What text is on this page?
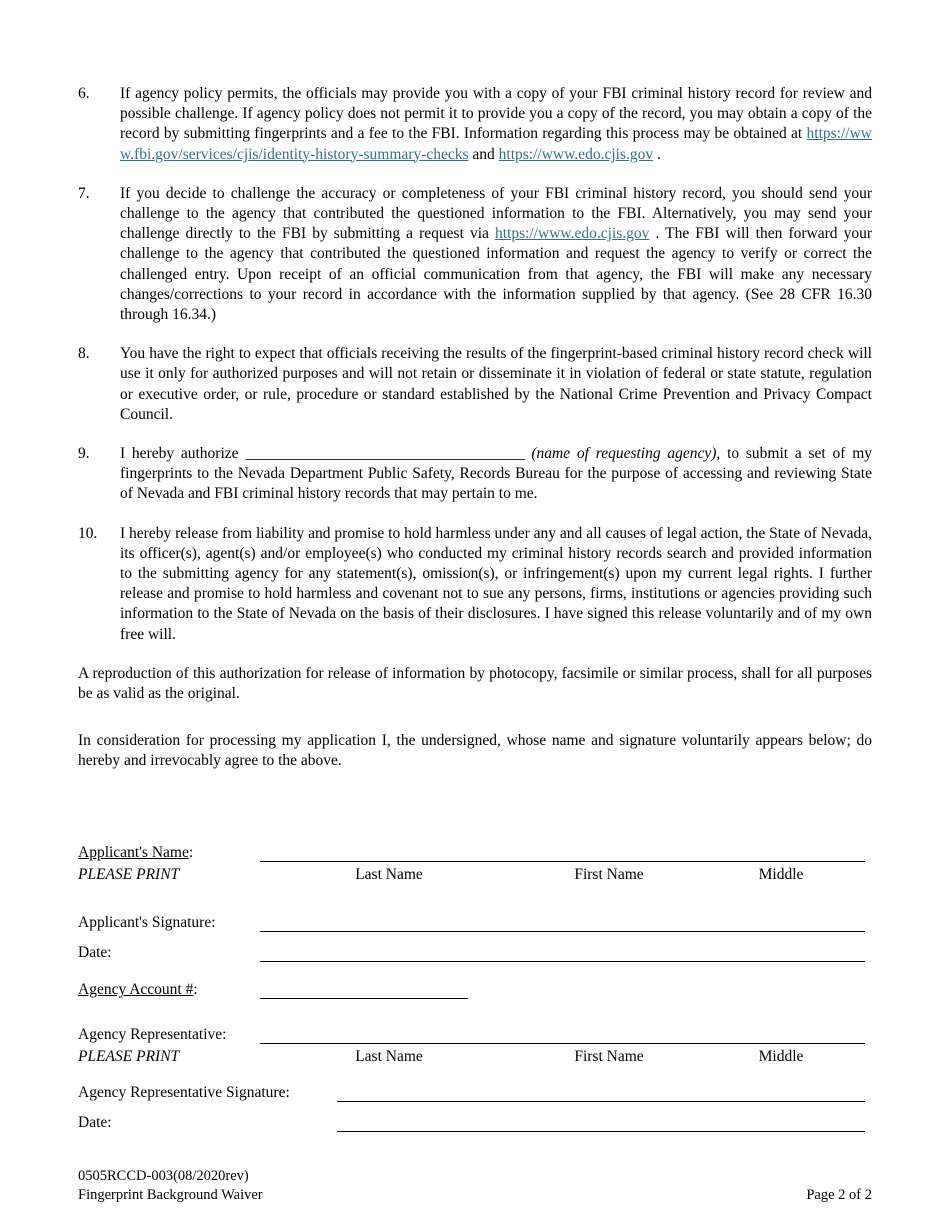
6.	If agency policy permits, the officials may provide you with a copy of your FBI criminal history record for review and possible challenge. If agency policy does not permit it to provide you a copy of the record, you may obtain a copy of the record by submitting fingerprints and a fee to the FBI. Information regarding this process may be obtained at https://www.fbi.gov/services/cjis/identity-history-summary-checks and https://www.edo.cjis.gov .
7.	If you decide to challenge the accuracy or completeness of your FBI criminal history record, you should send your challenge to the agency that contributed the questioned information to the FBI. Alternatively, you may send your challenge directly to the FBI by submitting a request via https://www.edo.cjis.gov . The FBI will then forward your challenge to the agency that contributed the questioned information and request the agency to verify or correct the challenged entry. Upon receipt of an official communication from that agency, the FBI will make any necessary changes/corrections to your record in accordance with the information supplied by that agency. (See 28 CFR 16.30 through 16.34.)
8.	You have the right to expect that officials receiving the results of the fingerprint-based criminal history record check will use it only for authorized purposes and will not retain or disseminate it in violation of federal or state statute, regulation or executive order, or rule, procedure or standard established by the National Crime Prevention and Privacy Compact Council.
9.	I hereby authorize ______________________________________ (name of requesting agency), to submit a set of my fingerprints to the Nevada Department Public Safety, Records Bureau for the purpose of accessing and reviewing State of Nevada and FBI criminal history records that may pertain to me.
10.	I hereby release from liability and promise to hold harmless under any and all causes of legal action, the State of Nevada, its officer(s), agent(s) and/or employee(s) who conducted my criminal history records search and provided information to the submitting agency for any statement(s), omission(s), or infringement(s) upon my current legal rights. I further release and promise to hold harmless and covenant not to sue any persons, firms, institutions or agencies providing such information to the State of Nevada on the basis of their disclosures. I have signed this release voluntarily and of my own free will.
A reproduction of this authorization for release of information by photocopy, facsimile or similar process, shall for all purposes be as valid as the original.
In consideration for processing my application I, the undersigned, whose name and signature voluntarily appears below; do hereby and irrevocably agree to the above.
Applicant's Name:
PLEASE PRINT	Last Name	First Name	Middle
Applicant's Signature:
Date:
Agency Account #:
Agency Representative:
PLEASE PRINT	Last Name	First Name	Middle
Agency Representative Signature:
Date:
0505RCCD-003(08/2020rev)
Fingerprint Background Waiver	Page 2 of 2
